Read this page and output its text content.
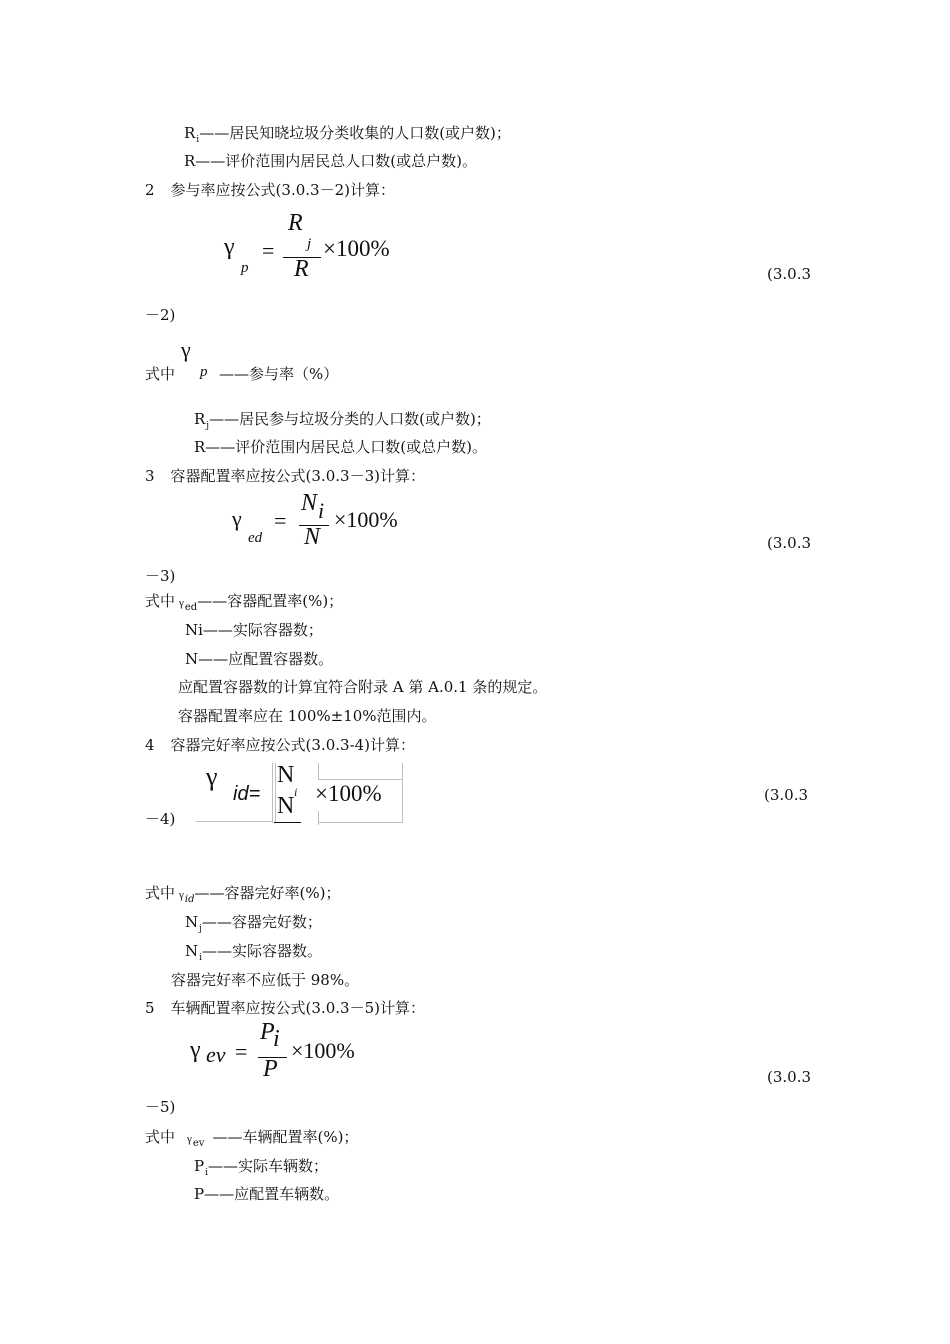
$R_i——$居民知晓垃圾分类收集的人口数(或户数)；
R——评价范围内居民总人口数(或总户数)。
2 参与率应按公式(3.0.3－2)计算：
γ
p
=
R
j
R
×100%
(3.0.3
－2)
式中
γ
p ——参与率（%）
$R_j——$居民参与垃圾分类的人口数(或户数)；
R——评价范围内居民总人口数(或总户数)。
3 容器配置率应按公式(3.0.3－3)计算：
γ
ed
=
N i
N
×100%
(3.0.3
－3)
式中 $\gamma_{ed}——$容器配置率(%)；
Ni——实际容器数；
N——应配置容器数。
应配置容器数的计算宜符合附录 A 第 A.0.1 条的规定。
容器配置率应在 100%±10%范围内。
4 容器完好率应按公式(3.0.3-4)计算：
γ
id=
N
i
N ×100%	(3.0.3
－4)
式中 $\gamma_{id}——$容器完好率(%)；
$N_j——$容器完好数；
$N_i——$实际容器数。
容器完好率不应低于 98%。
5 车辆配置率应按公式(3.0.3－5)计算：
γ ev =
P
i
P
×100%
(3.0.3
－5)
式中 $\gamma_{ev}$ ——车辆配置率(%)；
$P_i——$实际车辆数；
P——应配置车辆数。
